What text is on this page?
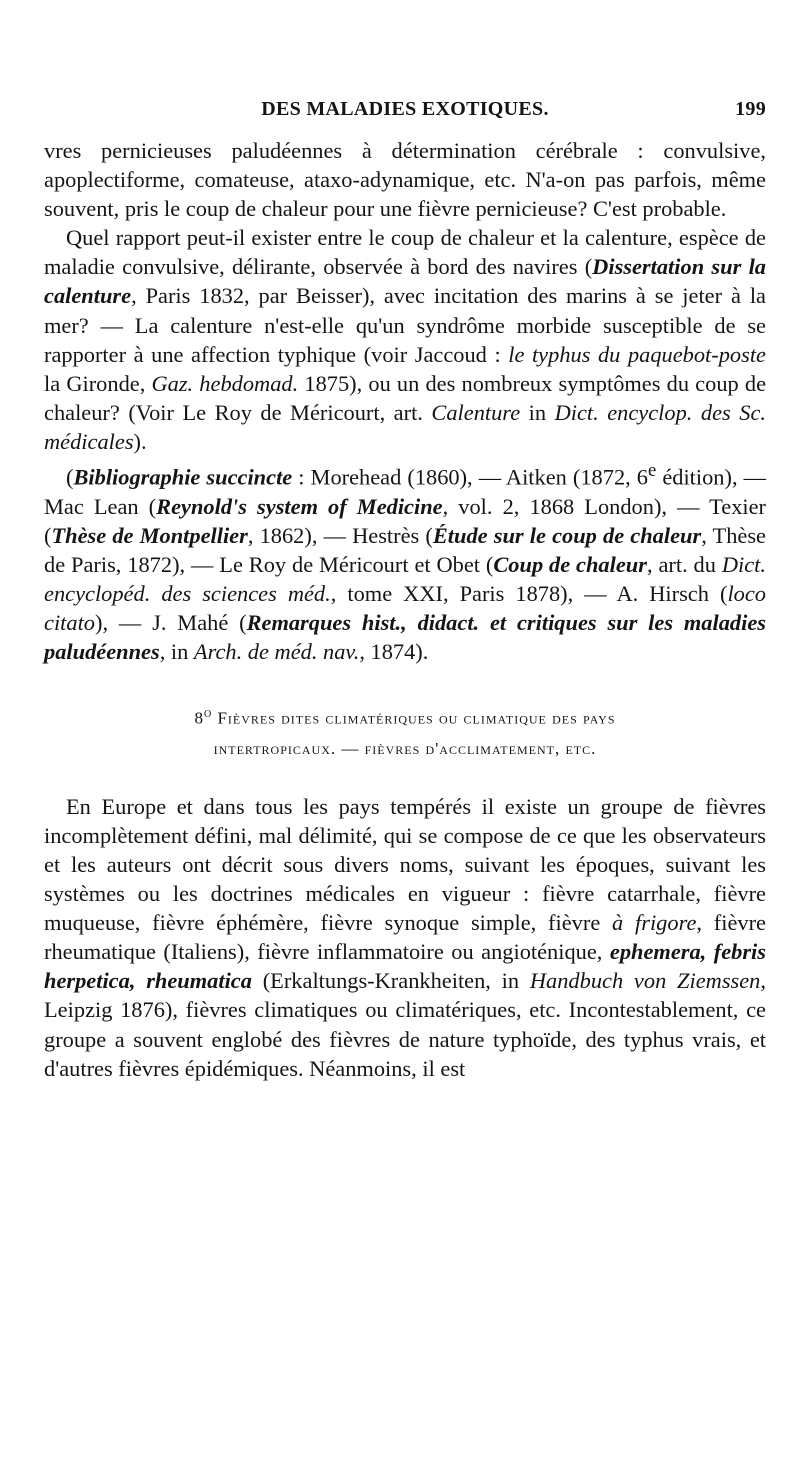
DES MALADIES EXOTIQUES.	199

vres pernicieuses paludéennes à détermination cérébrale : convulsive, apoplectiforme, comateuse, ataxo-adynamique, etc. N'a-on pas parfois, même souvent, pris le coup de chaleur pour une fièvre pernicieuse? C'est probable.

Quel rapport peut-il exister entre le coup de chaleur et la calenture, espèce de maladie convulsive, délirante, observée à bord des navires (Dissertation sur la calenture, Paris 1832, par Beisser), avec incitation des marins à se jeter à la mer? — La calenture n'est-elle qu'un syndrôme morbide susceptible de se rapporter à une affection typhique (voir Jaccoud : le typhus du paquebot-poste la Gironde, Gaz. hebdomad. 1875), ou un des nombreux symptômes du coup de chaleur? (Voir Le Roy de Méricourt, art. Calenture in Dict. encyclop. des Sc. médicales).

(Bibliographie succincte : Morehead (1860), — Aitken (1872, 6e édition), — Mac Lean (Reynold's system of Medicine, vol. 2, 1868 London), — Texier (Thèse de Montpellier, 1862), — Hestrès (Étude sur le coup de chaleur, Thèse de Paris, 1872), — Le Roy de Méricourt et Obet (Coup de chaleur, art. du Dict. encyclopéd. des sciences méd., tome XXI, Paris 1878), — A. Hirsch (loco citato), — J. Mahé (Remarques hist., didact. et critiques sur les maladies paludéennes, in Arch. de méd. nav., 1874).

8$^o$ Fièvres dites climatériques ou climatique des pays
intertropicaux. — fièvres d'acclimatement, etc.

En Europe et dans tous les pays tempérés il existe un groupe de fièvres incomplètement défini, mal délimité, qui se compose de ce que les observateurs et les auteurs ont décrit sous divers noms, suivant les époques, suivant les systèmes ou les doctrines médicales en vigueur : fièvre catarrhale, fièvre muqueuse, fièvre éphémère, fièvre synoque simple, fièvre à frigore, fièvre rheumatique (Italiens), fièvre inflammatoire ou angioténique, ephemera, febris herpetica, rheumatica (Erkaltungs-Krankheiten, in Handbuch von Ziemssen, Leipzig 1876), fièvres climatiques ou climatériques, etc. Incontestablement, ce groupe a souvent englobé des fièvres de nature typhoïde, des typhus vrais, et d'autres fièvres épidémiques. Néanmoins, il est
